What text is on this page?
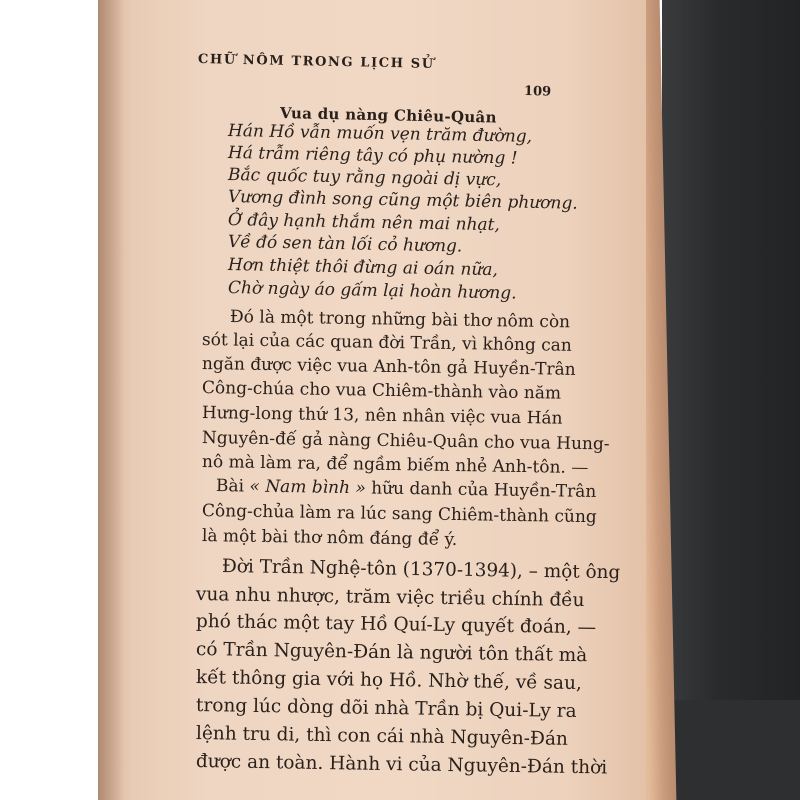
CHỮ NÔM TRONG LỊCH SỬ

109

Vua dụ nàng Chiêu-Quân

Hán Hồ vẫn muốn vẹn trăm đường,

Há trẫm riêng tây có phụ nường !

Bắc quốc tuy rằng ngoài dị vực,

Vương đình song cũng một biên phương.

Ở đây hạnh thắm nên mai nhạt,

Về đó sen tàn lối cỏ hương.

Hơn thiệt thôi đừng ai oán nữa,

Chờ ngày áo gấm lại hoàn hương.

Đó là một trong những bài thơ nôm còn

sót lại của các quan đời Trần, vì không can

ngăn được việc vua Anh-tôn gả Huyền-Trân

Công-chúa cho vua Chiêm-thành vào năm

Hưng-long thứ 13, nên nhân việc vua Hán

Nguyên-đế gả nàng Chiêu-Quân cho vua Hung-

nô mà làm ra, để ngầm biếm nhẻ Anh-tôn. —

Bài « Nam bình » hữu danh của Huyền-Trân

Công-chủa làm ra lúc sang Chiêm-thành cũng

là một bài thơ nôm đáng để ý.

Đời Trần Nghệ-tôn (1370-1394), – một ông

vua nhu nhược, trăm việc triều chính đều

phó thác một tay Hồ Quí-Ly quyết đoán, —

có Trần Nguyên-Đán là người tôn thất mà

kết thông gia với họ Hồ. Nhờ thế, về sau,

trong lúc dòng dõi nhà Trần bị Qui-Ly ra

lệnh tru di, thì con cái nhà Nguyên-Đán

được an toàn. Hành vi của Nguyên-Đán thời
